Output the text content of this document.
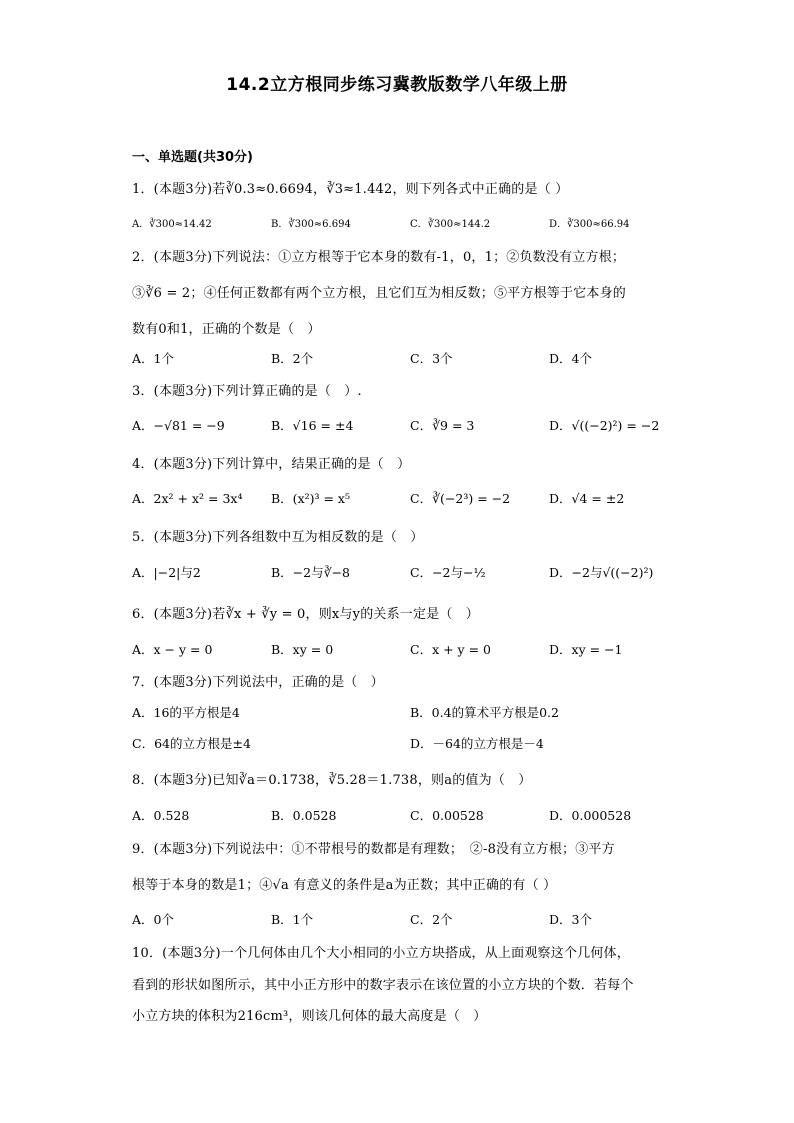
14.2立方根同步练习冀教版数学八年级上册
一、单选题(共30分)
1．(本题3分)若∛0.3≈0.6694，∛3≈1.442，则下列各式中正确的是（ ）
A．∛300≈14.42	B．∛300≈6.694	C．∛300≈144.2	D．∛300≈66.94
2．(本题3分)下列说法：①立方根等于它本身的数有-1，0，1；②负数没有立方根；
③∛6 = 2；④任何正数都有两个立方根，且它们互为相反数；⑤平方根等于它本身的
数有0和1，正确的个数是（　）
A．1个	B．2个	C．3个	D．4个
3．(本题3分)下列计算正确的是（　）.
A．−√81 = −9	B．√16 = ±4	C．∛9 = 3	D．√((−2)²) = −2
4．(本题3分)下列计算中，结果正确的是（　）
A．2x² + x² = 3x⁴ B．(x²)³ = x⁵	C．∛(−2³) = −2	D．√4 = ±2
5．(本题3分)下列各组数中互为相反数的是（　）
A．|−2|与2	B．−2与∛−8	C．−2与−½	D．−2与√((−2)²)
6．(本题3分)若∛x + ∛y = 0，则x与y的关系一定是（　）
A．x − y = 0	B．xy = 0	C．x + y = 0	D．xy = −1
7．(本题3分)下列说法中，正确的是（　）
A．16的平方根是4	B．0.4的算术平方根是0.2
C．64的立方根是±4	D．－64的立方根是－4
8．(本题3分)已知∛a＝0.1738，∛5.28＝1.738，则a的值为（　）
A．0.528	B．0.0528	C．0.00528	D．0.000528
9．(本题3分)下列说法中：①不带根号的数都是有理数；　②-8没有立方根；③平方
根等于本身的数是1；④√a 有意义的条件是a为正数；其中正确的有（ ）
A．0个	B．1个	C．2个	D．3个
10．(本题3分)一个几何体由几个大小相同的小立方块搭成，从上面观察这个几何体，
看到的形状如图所示，其中小正方形中的数字表示在该位置的小立方块的个数．若每个
小立方块的体积为216cm³，则该几何体的最大高度是（　）
